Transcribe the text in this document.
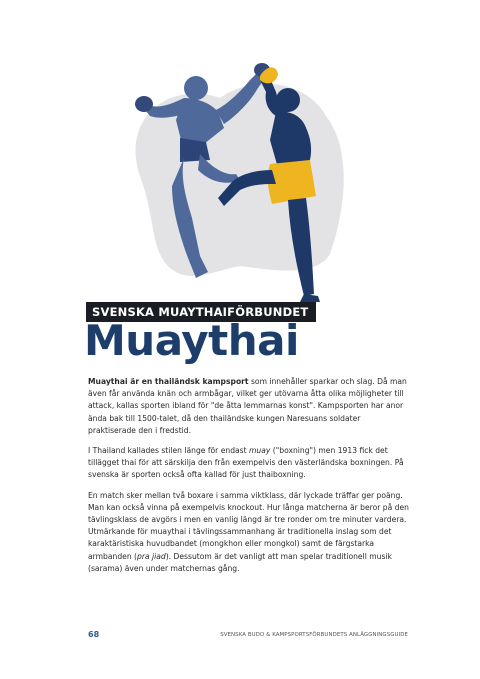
SVENSKA MUAYTHAIFÖRBUNDET
Muaythai

Muaythai är en thailändsk kampsport som innehåller sparkar och slag. Då man även får använda knän och armbågar, vilket ger utövarna åtta olika möjligheter till attack, kallas sporten ibland för "de åtta lemmarnas konst". Kampsporten har anor ända bak till 1500-talet, då den thailändske kungen Naresuans soldater praktiserade den i fredstid.

I Thailand kallades stilen länge för endast muay ("boxning") men 1913 fick det tillägget thai för att särskilja den från exempelvis den västerländska boxningen. På svenska är sporten också ofta kallad för just thaiboxning.

En match sker mellan två boxare i samma viktklass, där lyckade träffar ger poäng. Man kan också vinna på exempelvis knockout. Hur långa matcherna är beror på den tävlingsklass de avgörs i men en vanlig längd är tre ronder om tre minuter vardera. Utmärkande för muaythai i tävlingssammanhang är traditionella inslag som det karaktäristiska huvudbandet (mongkhon eller mongkol) samt de färgstarka armbanden (pra jiad). Dessutom är det vanligt att man spelar traditionell musik (sarama) även under matchernas gång.

68	SVENSKA BUDO & KAMPSPORTSFÖRBUNDETS ANLÄGGNINGSGUIDE
